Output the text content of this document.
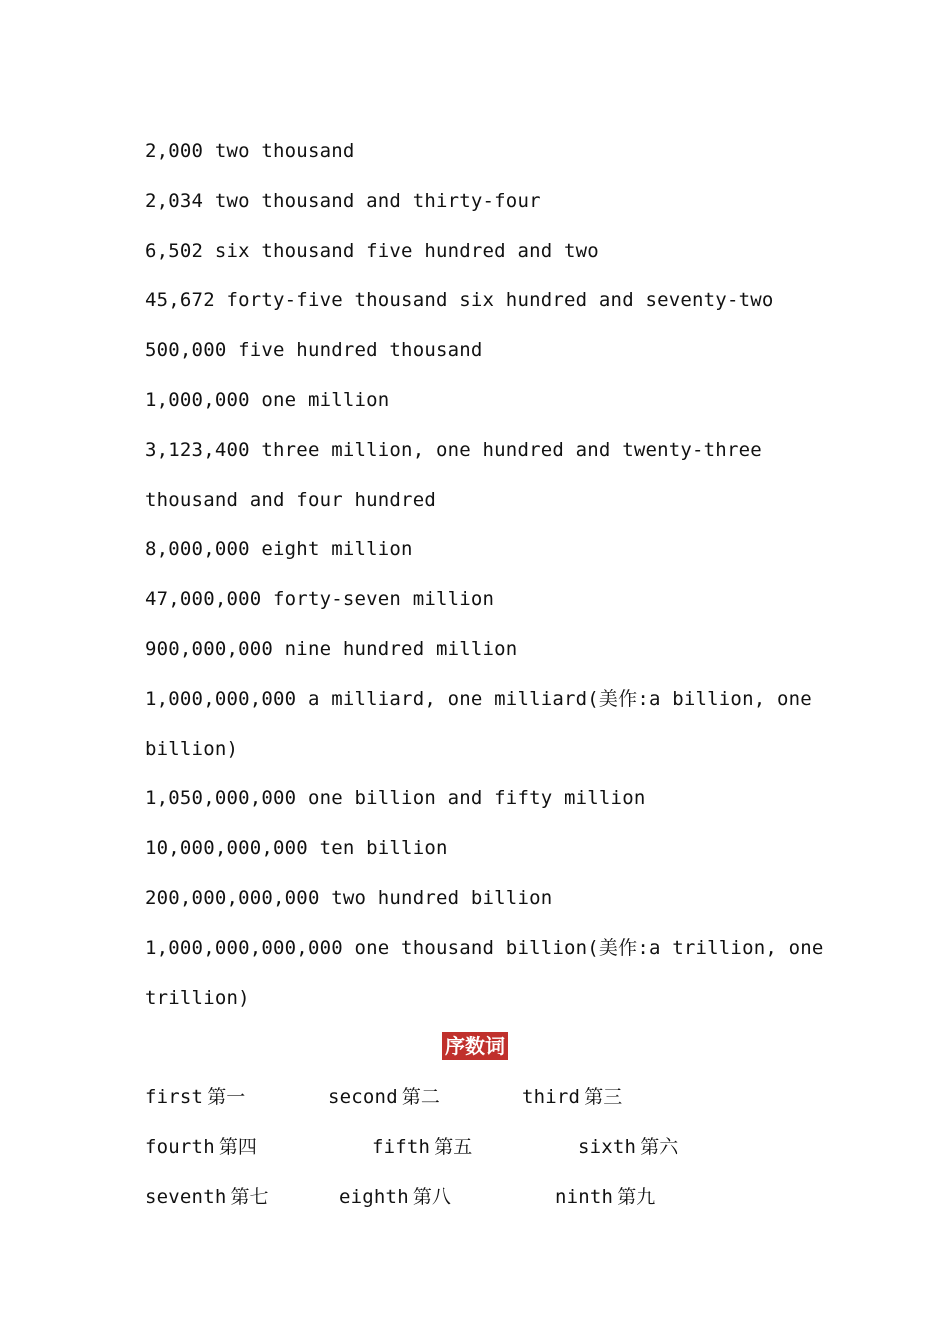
2,000 two thousand
2,034 two thousand and thirty-four
6,502 six thousand five hundred and two
45,672 forty-five thousand six hundred and seventy-two
500,000 five hundred thousand
1,000,000 one million
3,123,400 three million, one hundred and twenty-three
thousand and four hundred
8,000,000 eight million
47,000,000 forty-seven million
900,000,000 nine hundred million
1,000,000,000 a milliard, one milliard(美作:a billion, one
billion)
1,050,000,000 one billion and fifty million
10,000,000,000 ten billion
200,000,000,000 two hundred billion
1,000,000,000,000 one thousand billion(美作:a trillion, one
trillion)
序数词
first 第一	second 第二	third 第三
fourth 第四	fifth 第五	sixth 第六
seventh 第七	eighth 第八	ninth 第九
